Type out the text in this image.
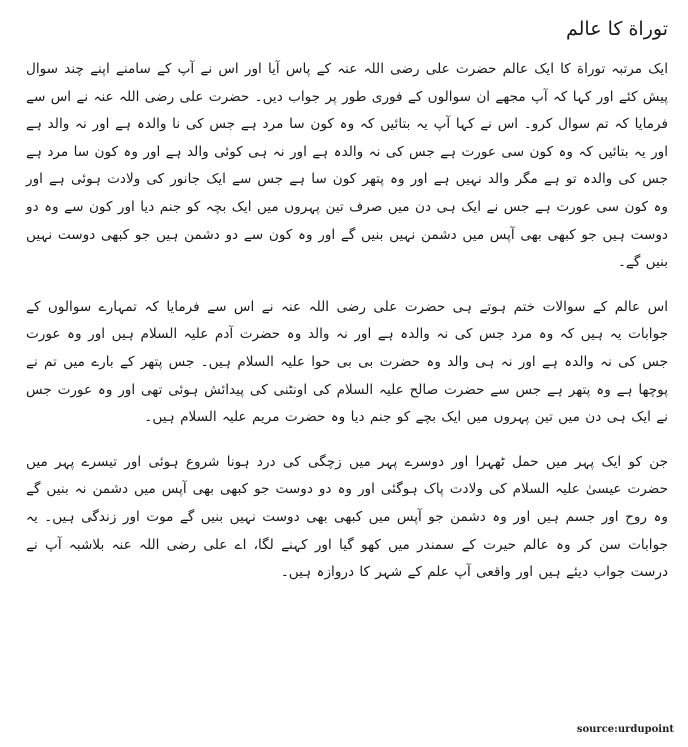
توراة کا عالم

ایک مرتبہ توراة کا ایک عالم حضرت علی رضی اللہ عنہ کے پاس آیا اور اس نے آپ کے سامنے اپنے چند سوال پیش کئے اور کہا کہ آپ مجھے ان سوالوں کے فوری طور پر جواب دیں۔ حضرت علی رضی اللہ عنہ نے اس سے فرمایا کہ تم سوال کرو۔ اس نے کہا آپ یہ بتائیں کہ وہ کون سا مرد ہے جس کی نا والدہ ہے اور نہ والد ہے اور یہ بتائیں کہ وہ کون سی عورت ہے جس کی نہ والدہ ہے اور نہ ہی کوئی والد ہے اور وہ کون سا مرد ہے جس کی والدہ تو ہے مگر والد نہیں ہے اور وہ پتھر کون سا ہے جس سے ایک جانور کی ولادت ہوئی ہے اور وہ کون سی عورت ہے جس نے ایک ہی دن میں صرف تین پہروں میں ایک بچہ کو جنم دیا اور کون سے وہ دو دوست ہیں جو کبھی بھی آپس میں دشمن نہیں بنیں گے اور وہ کون سے دو دشمن ہیں جو کبھی دوست نہیں بنیں گے۔

اس عالم کے سوالات ختم ہوتے ہی حضرت علی رضی اللہ عنہ نے اس سے فرمایا کہ تمہارے سوالوں کے جوابات یہ ہیں کہ وہ مرد جس کی نہ والدہ ہے اور نہ والد وہ حضرت آدم علیہ السلام ہیں اور وہ عورت جس کی نہ والدہ ہے اور نہ ہی والد وہ حضرت بی بی حوا علیہ السلام ہیں۔ جس پتھر کے بارے میں تم نے پوچھا ہے وہ پتھر ہے جس سے حضرت صالح علیہ السلام کی اونٹنی کی پیدائش ہوئی تھی اور وہ عورت جس نے ایک ہی دن میں تین پہروں میں ایک بچے کو جنم دیا وہ حضرت مریم علیہ السلام ہیں۔

جن کو ایک پہر میں حمل ٹھہرا اور دوسرے پہر میں زچگی کی درد ہونا شروع ہوئی اور تیسرے پہر میں حضرت عیسیٰ علیہ السلام کی ولادت پاک ہوگئی اور وہ دو دوست جو کبھی بھی آپس میں دشمن نہ بنیں گے وہ روح اور جسم ہیں اور وہ دشمن جو آپس میں کبھی بھی دوست نہیں بنیں گے موت اور زندگی ہیں۔ یہ جوابات سن کر وہ عالم حیرت کے سمندر میں کھو گیا اور کہنے لگا، اے علی رضی اللہ عنہ بلاشبہ آپ نے درست جواب دیئے ہیں اور واقعی آپ علم کے شہر کا دروازہ ہیں۔

source:urdupoint
